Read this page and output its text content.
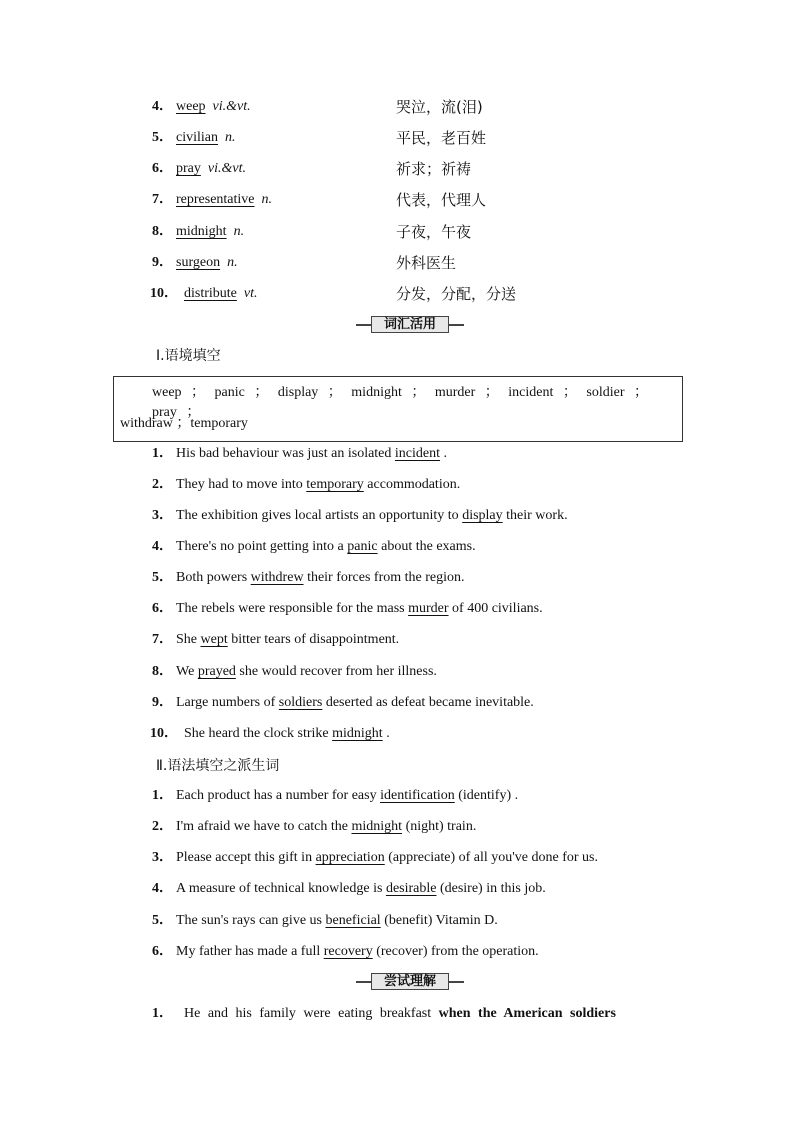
4． weep vi.&vt.	哭泣，流(泪)
5． civilian n.	平民，老百姓
6． pray vi.&vt.	祈求；祈祷
7． representative n.	代表，代理人
8． midnight n.	子夜，午夜
9． surgeon n.	外科医生
10． distribute vt.	分发，分配，分送
词汇活用
Ⅰ.语境填空
weep ； panic ； display ； midnight ； murder ； incident ； soldier ； pray ；
withdraw ；temporary
1． His bad behaviour was just an isolated incident .
2． They had to move into temporary accommodation.
3． The exhibition gives local artists an opportunity to display their work.
4． There's no point getting into a panic about the exams.
5． Both powers withdrew their forces from the region.
6． The rebels were responsible for the mass murder of 400 civilians.
7． She wept bitter tears of disappointment.
8． We prayed she would recover from her illness.
9． Large numbers of soldiers deserted as defeat became inevitable.
10． She heard the clock strike midnight .
Ⅱ.语法填空之派生词
1． Each product has a number for easy identification (identify) .
2． I'm afraid we have to catch the midnight (night) train.
3． Please accept this gift in appreciation (appreciate) of all you've done for us.
4． A measure of technical knowledge is desirable (desire) in this job.
5． The sun's rays can give us beneficial (benefit) Vitamin D.
6． My father has made a full recovery (recover) from the operation.
尝试理解
1． He and his family were eating breakfast when the American soldiers
